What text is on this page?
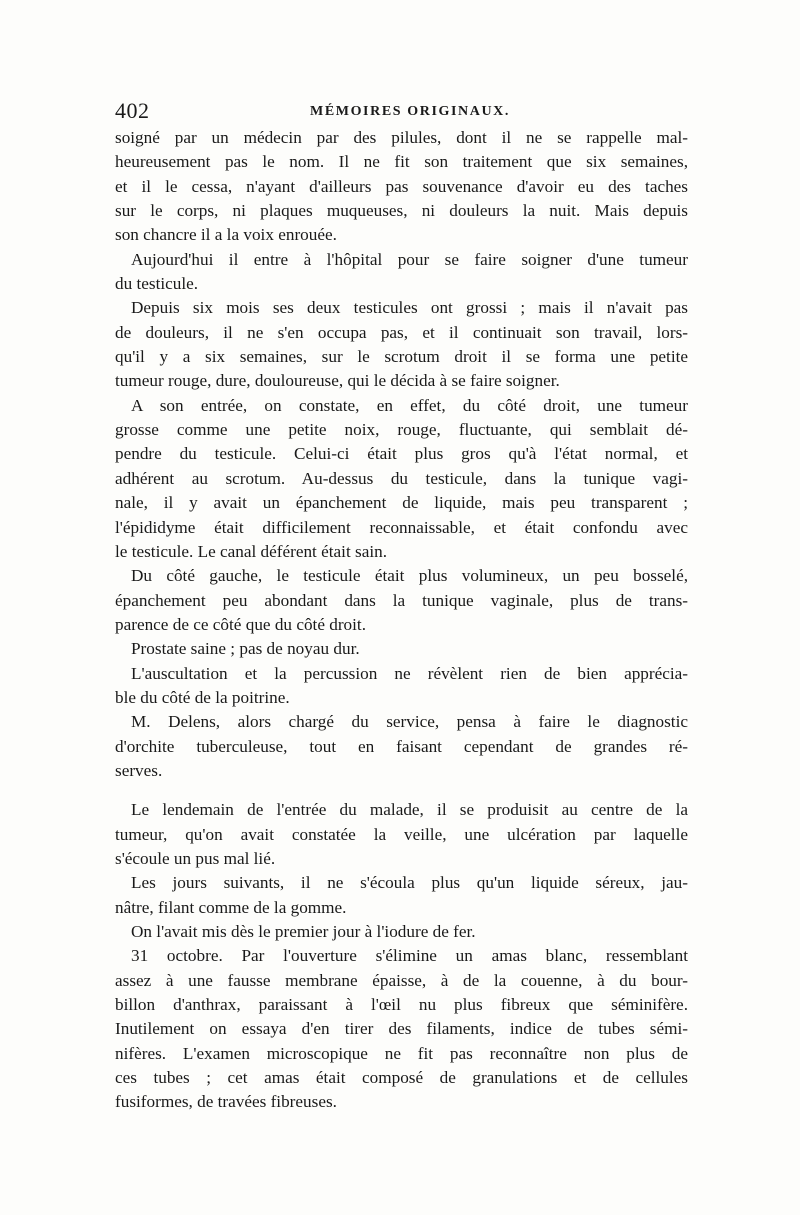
402	MÉMOIRES ORIGINAUX.
soigné par un médecin par des pilules, dont il ne se rappelle mal-
heureusement pas le nom. Il ne fit son traitement que six semaines,
et il le cessa, n'ayant d'ailleurs pas souvenance d'avoir eu des taches
sur le corps, ni plaques muqueuses, ni douleurs la nuit. Mais depuis
son chancre il a la voix enrouée.
Aujourd'hui il entre à l'hôpital pour se faire soigner d'une tumeur
du testicule.
Depuis six mois ses deux testicules ont grossi ; mais il n'avait pas
de douleurs, il ne s'en occupa pas, et il continuait son travail, lors-
qu'il y a six semaines, sur le scrotum droit il se forma une petite
tumeur rouge, dure, douloureuse, qui le décida à se faire soigner.
A son entrée, on constate, en effet, du côté droit, une tumeur
grosse comme une petite noix, rouge, fluctuante, qui semblait dé-
pendre du testicule. Celui-ci était plus gros qu'à l'état normal, et
adhérent au scrotum. Au-dessus du testicule, dans la tunique vagi-
nale, il y avait un épanchement de liquide, mais peu transparent ;
l'épididyme était difficilement reconnaissable, et était confondu avec
le testicule. Le canal déférent était sain.
Du côté gauche, le testicule était plus volumineux, un peu bosselé,
épanchement peu abondant dans la tunique vaginale, plus de trans-
parence de ce côté que du côté droit.
Prostate saine ; pas de noyau dur.
L'auscultation et la percussion ne révèlent rien de bien apprécia-
ble du côté de la poitrine.
M. Delens, alors chargé du service, pensa à faire le diagnostic
d'orchite tuberculeuse, tout en faisant cependant de grandes ré-
serves.
Le lendemain de l'entrée du malade, il se produisit au centre de la
tumeur, qu'on avait constatée la veille, une ulcération par laquelle
s'écoule un pus mal lié.
Les jours suivants, il ne s'écoula plus qu'un liquide séreux, jau-
nâtre, filant comme de la gomme.
On l'avait mis dès le premier jour à l'iodure de fer.
31 octobre. Par l'ouverture s'élimine un amas blanc, ressemblant
assez à une fausse membrane épaisse, à de la couenne, à du bour-
billon d'anthrax, paraissant à l'œil nu plus fibreux que séminifère.
Inutilement on essaya d'en tirer des filaments, indice de tubes sémi-
nifères. L'examen microscopique ne fit pas reconnaître non plus de
ces tubes ; cet amas était composé de granulations et de cellules
fusiformes, de travées fibreuses.
